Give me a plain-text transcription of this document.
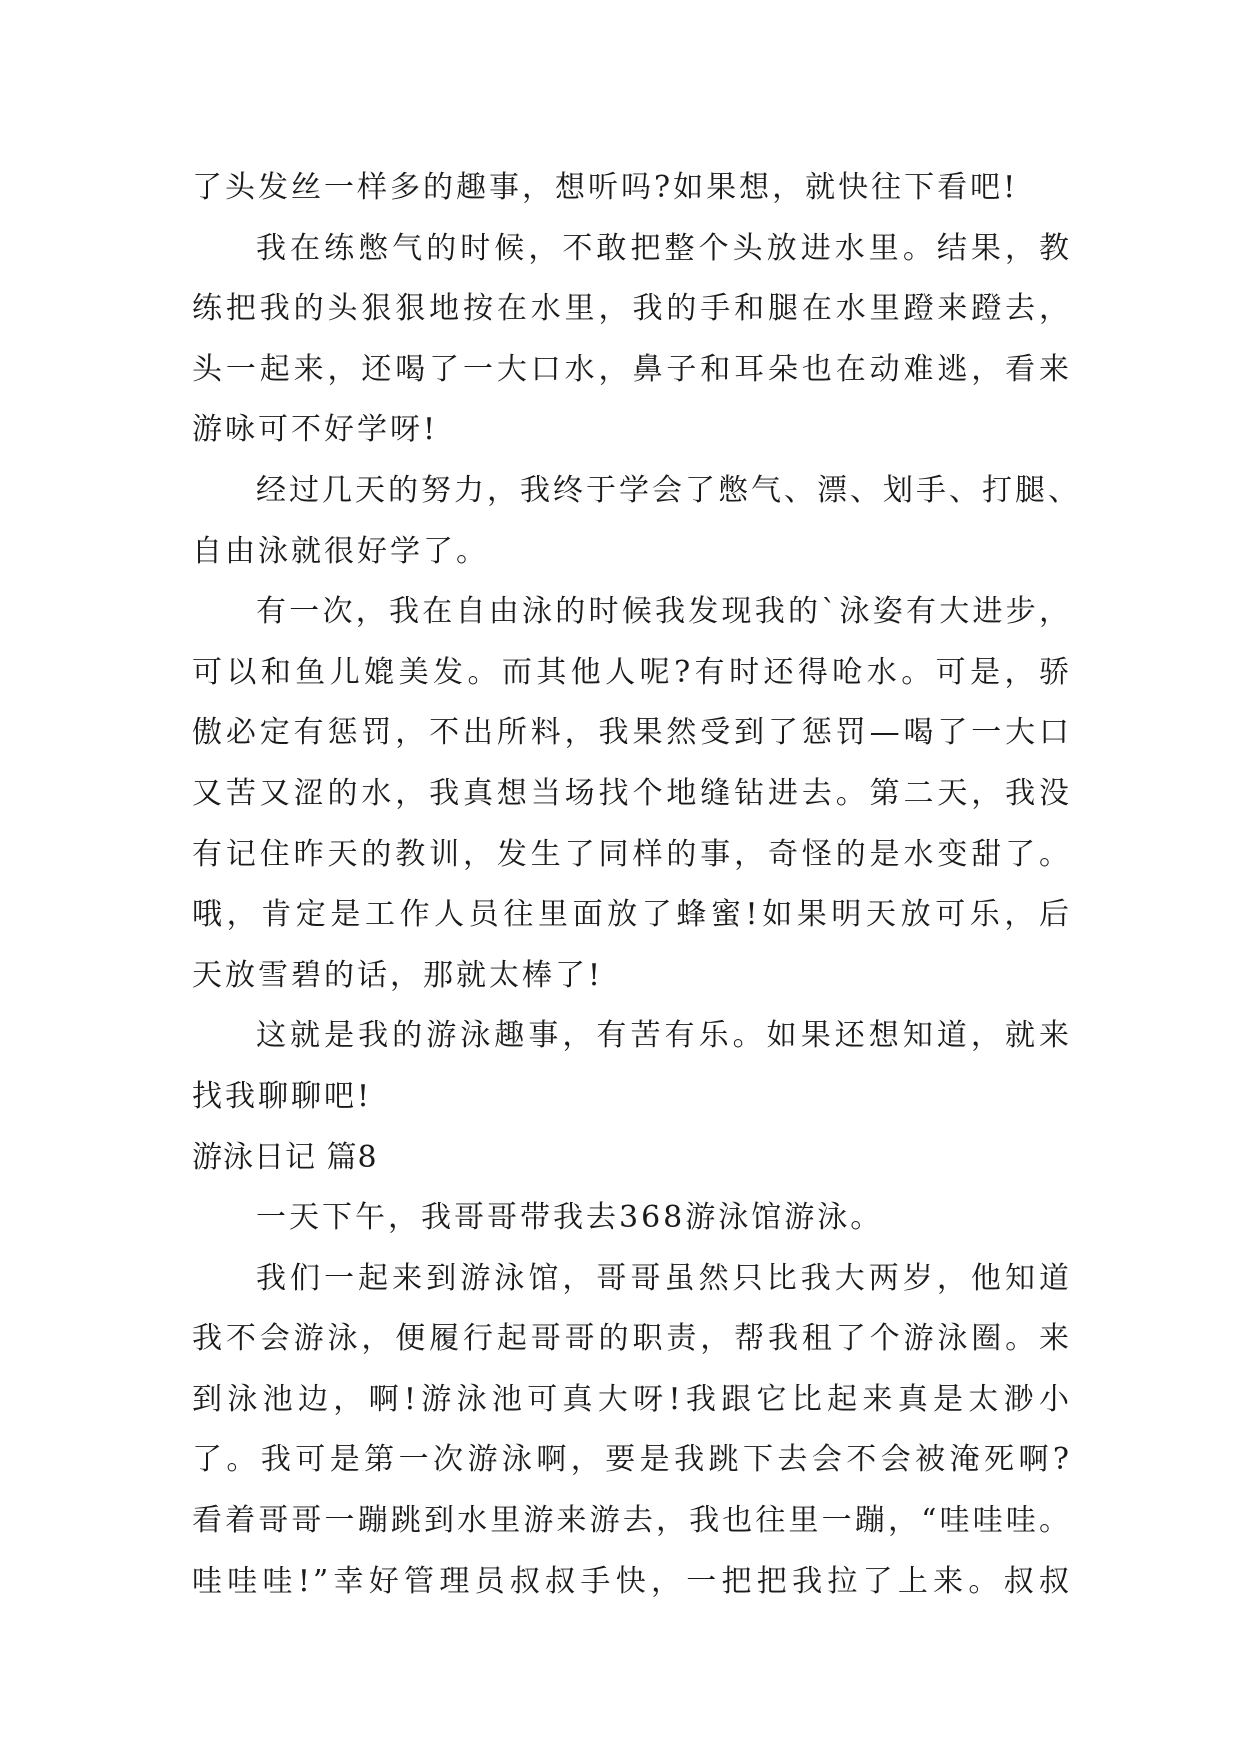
了头发丝一样多的趣事，想听吗?如果想，就快往下看吧!
我在练憋气的时候，不敢把整个头放进水里。结果，教
练把我的头狠狠地按在水里，我的手和腿在水里蹬来蹬去，
头一起来，还喝了一大口水，鼻子和耳朵也在动难逃，看来
游咏可不好学呀!
经过几天的努力，我终于学会了憋气、漂、划手、打腿、
自由泳就很好学了。
有一次，我在自由泳的时候我发现我的`泳姿有大进步，
可以和鱼儿媲美发。而其他人呢?有时还得呛水。可是，骄
傲必定有惩罚，不出所料，我果然受到了惩罚—喝了一大口
又苦又涩的水，我真想当场找个地缝钻进去。第二天，我没
有记住昨天的教训，发生了同样的事，奇怪的是水变甜了。
哦，肯定是工作人员往里面放了蜂蜜!如果明天放可乐，后
天放雪碧的话，那就太棒了!
这就是我的游泳趣事，有苦有乐。如果还想知道，就来
找我聊聊吧!
游泳日记 篇8
一天下午，我哥哥带我去368游泳馆游泳。
我们一起来到游泳馆，哥哥虽然只比我大两岁，他知道
我不会游泳，便履行起哥哥的职责，帮我租了个游泳圈。来
到泳池边，啊!游泳池可真大呀!我跟它比起来真是太渺小
了。我可是第一次游泳啊，要是我跳下去会不会被淹死啊?
看着哥哥一蹦跳到水里游来游去，我也往里一蹦，“哇哇哇。
哇哇哇!”幸好管理员叔叔手快，一把把我拉了上来。叔叔
